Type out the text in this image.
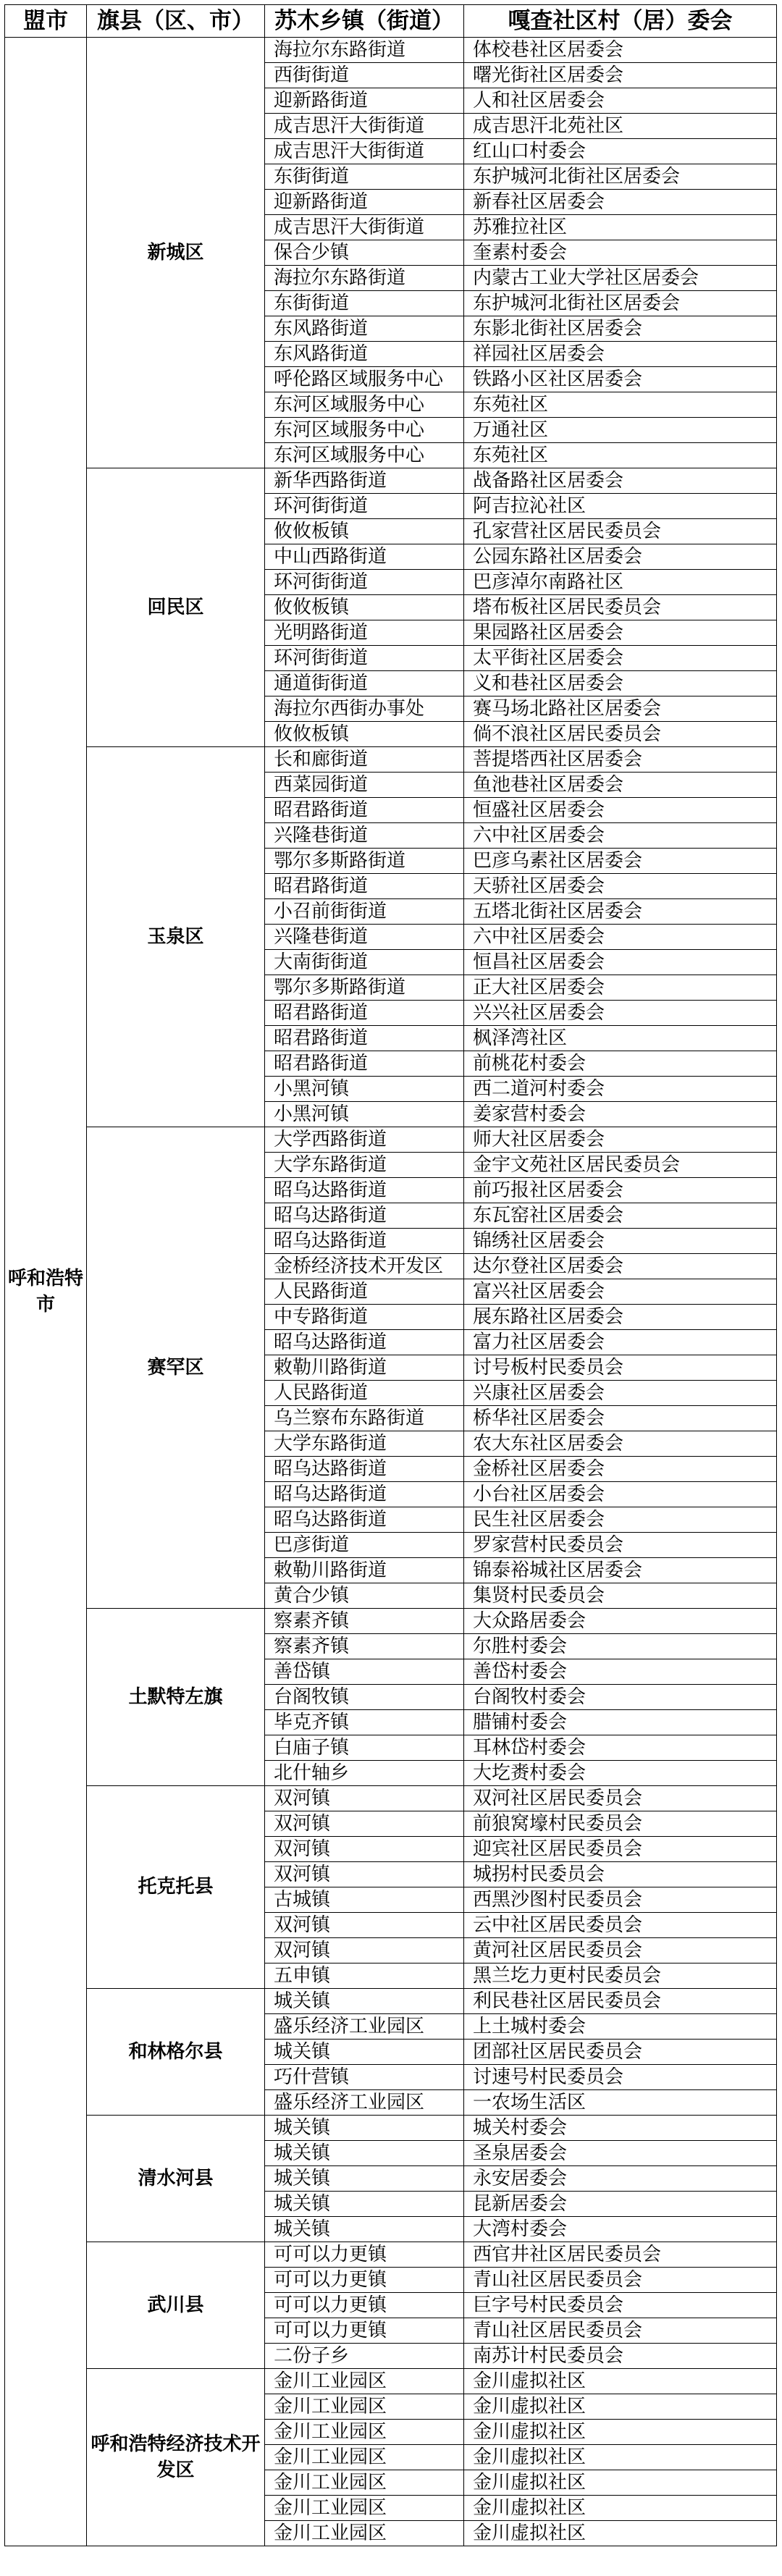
盟市	旗县（区、市）	苏木乡镇（街道）	嘎查社区村（居）委会
呼和浩特市	新城区	海拉尔东路街道	体校巷社区居委会
		西街街道	曙光街社区居委会
		迎新路街道	人和社区居委会
		成吉思汗大街街道	成吉思汗北苑社区
		成吉思汗大街街道	红山口村委会
		东街街道	东护城河北街社区居委会
		迎新路街道	新春社区居委会
		成吉思汗大街街道	苏雅拉社区
		保合少镇	奎素村委会
		海拉尔东路街道	内蒙古工业大学社区居委会
		东街街道	东护城河北街社区居委会
		东风路街道	东影北街社区居委会
		东风路街道	祥园社区居委会
		呼伦路区域服务中心	铁路小区社区居委会
		东河区域服务中心	东苑社区
		东河区域服务中心	万通社区
		东河区域服务中心	东苑社区
	回民区	新华西路街道	战备路社区居委会
		环河街街道	阿吉拉沁社区
		攸攸板镇	孔家营社区居民委员会
		中山西路街道	公园东路社区居委会
		环河街街道	巴彦淖尔南路社区
		攸攸板镇	塔布板社区居民委员会
		光明路街道	果园路社区居委会
		环河街街道	太平街社区居委会
		通道街街道	义和巷社区居委会
		海拉尔西街办事处	赛马场北路社区居委会
		攸攸板镇	倘不浪社区居民委员会
	玉泉区	长和廊街道	菩提塔西社区居委会
		西菜园街道	鱼池巷社区居委会
		昭君路街道	恒盛社区居委会
		兴隆巷街道	六中社区居委会
		鄂尔多斯路街道	巴彦乌素社区居委会
		昭君路街道	天骄社区居委会
		小召前街街道	五塔北街社区居委会
		兴隆巷街道	六中社区居委会
		大南街街道	恒昌社区居委会
		鄂尔多斯路街道	正大社区居委会
		昭君路街道	兴兴社区居委会
		昭君路街道	枫泽湾社区
		昭君路街道	前桃花村委会
		小黑河镇	西二道河村委会
		小黑河镇	姜家营村委会
	赛罕区	大学西路街道	师大社区居委会
		大学东路街道	金宇文苑社区居民委员会
		昭乌达路街道	前巧报社区居委会
		昭乌达路街道	东瓦窑社区居委会
		昭乌达路街道	锦绣社区居委会
		金桥经济技术开发区	达尔登社区居委会
		人民路街道	富兴社区居委会
		中专路街道	展东路社区居委会
		昭乌达路街道	富力社区居委会
		敕勒川路街道	讨号板村民委员会
		人民路街道	兴康社区居委会
		乌兰察布东路街道	桥华社区居委会
		大学东路街道	农大东社区居委会
		昭乌达路街道	金桥社区居委会
		昭乌达路街道	小台社区居委会
		昭乌达路街道	民生社区居委会
		巴彦街道	罗家营村民委员会
		敕勒川路街道	锦泰裕城社区居委会
		黄合少镇	集贤村民委员会
	土默特左旗	察素齐镇	大众路居委会
		察素齐镇	尔胜村委会
		善岱镇	善岱村委会
		台阁牧镇	台阁牧村委会
		毕克齐镇	腊铺村委会
		白庙子镇	耳林岱村委会
		北什轴乡	大圪赉村委会
	托克托县	双河镇	双河社区居民委员会
		双河镇	前狼窝壕村民委员会
		双河镇	迎宾社区居民委员会
		双河镇	城拐村民委员会
		古城镇	西黑沙图村民委员会
		双河镇	云中社区居民委员会
		双河镇	黄河社区居民委员会
		五申镇	黑兰圪力更村民委员会
	和林格尔县	城关镇	利民巷社区居民委员会
		盛乐经济工业园区	上土城村委会
		城关镇	团部社区居民委员会
		巧什营镇	讨速号村民委员会
		盛乐经济工业园区	一农场生活区
	清水河县	城关镇	城关村委会
		城关镇	圣泉居委会
		城关镇	永安居委会
		城关镇	昆新居委会
		城关镇	大湾村委会
	武川县	可可以力更镇	西官井社区居民委员会
		可可以力更镇	青山社区居民委员会
		可可以力更镇	巨字号村民委员会
		可可以力更镇	青山社区居民委员会
		二份子乡	南苏计村民委员会
	呼和浩特经济技术开发区	金川工业园区	金川虚拟社区
		金川工业园区	金川虚拟社区
		金川工业园区	金川虚拟社区
		金川工业园区	金川虚拟社区
		金川工业园区	金川虚拟社区
		金川工业园区	金川虚拟社区
		金川工业园区	金川虚拟社区
